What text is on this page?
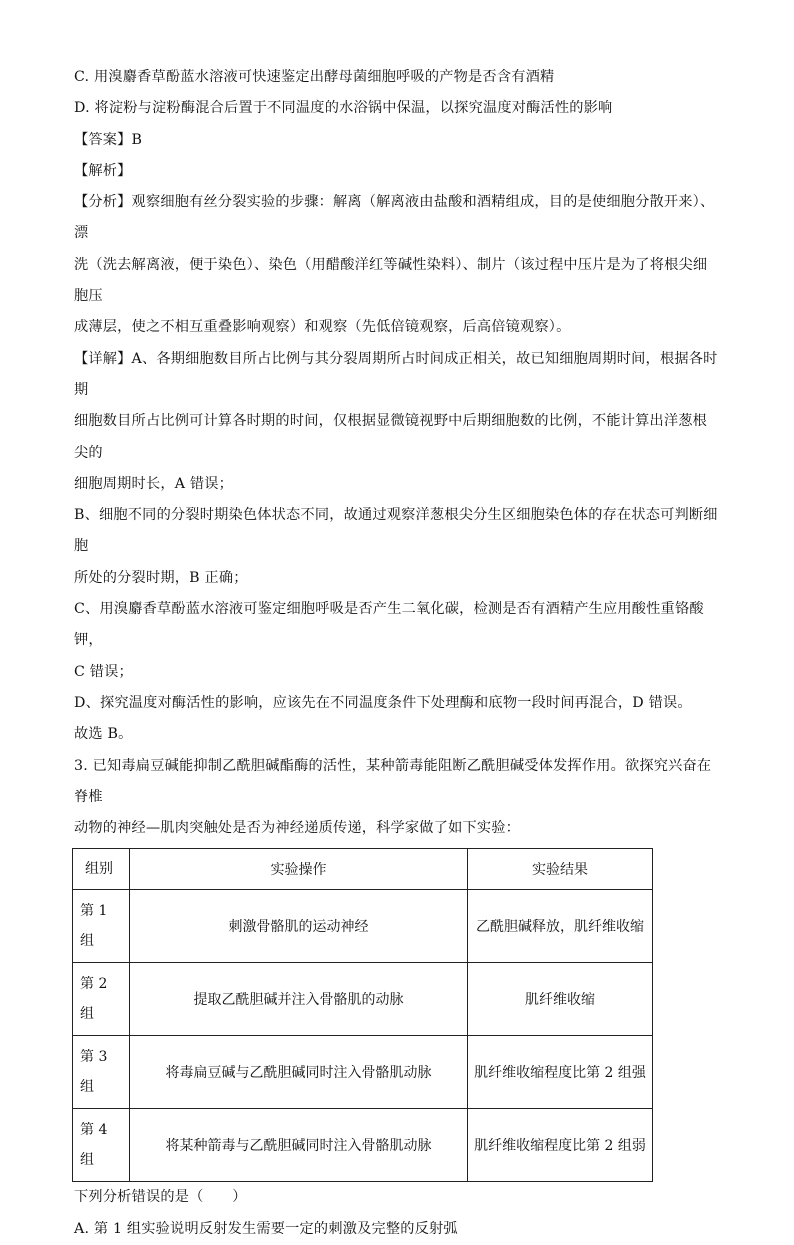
C. 用溴麝香草酚蓝水溶液可快速鉴定出酵母菌细胞呼吸的产物是否含有酒精

D. 将淀粉与淀粉酶混合后置于不同温度的水浴锅中保温，以探究温度对酶活性的影响

【答案】B

【解析】

【分析】观察细胞有丝分裂实验的步骤：解离（解离液由盐酸和酒精组成，目的是使细胞分散开来）、漂

洗（洗去解离液，便于染色）、染色（用醋酸洋红等碱性染料）、制片（该过程中压片是为了将根尖细胞压

成薄层，使之不相互重叠影响观察）和观察（先低倍镜观察，后高倍镜观察）。

【详解】A、各期细胞数目所占比例与其分裂周期所占时间成正相关，故已知细胞周期时间，根据各时期

细胞数目所占比例可计算各时期的时间，仅根据显微镜视野中后期细胞数的比例，不能计算出洋葱根尖的

细胞周期时长，A 错误；

B、细胞不同的分裂时期染色体状态不同，故通过观察洋葱根尖分生区细胞染色体的存在状态可判断细胞

所处的分裂时期，B 正确；

C、用溴麝香草酚蓝水溶液可鉴定细胞呼吸是否产生二氧化碳，检测是否有酒精产生应用酸性重铬酸钾，

C 错误；

D、探究温度对酶活性的影响，应该先在不同温度条件下处理酶和底物一段时间再混合，D 错误。

故选 B。

3. 已知毒扁豆碱能抑制乙酰胆碱酯酶的活性，某种箭毒能阻断乙酰胆碱受体发挥作用。欲探究兴奋在脊椎

动物的神经—肌肉突触处是否为神经递质传递，科学家做了如下实验：

组别	实验操作	实验结果
第 1
组	刺激骨骼肌的运动神经	乙酰胆碱释放，肌纤维收缩
第 2
组	提取乙酰胆碱并注入骨骼肌的动脉	肌纤维收缩
第 3
组	将毒扁豆碱与乙酰胆碱同时注入骨骼肌动脉	肌纤维收缩程度比第 2 组强
第 4
组	将某种箭毒与乙酰胆碱同时注入骨骼肌动脉	肌纤维收缩程度比第 2 组弱

下列分析错误的是（　　）

A. 第 1 组实验说明反射发生需要一定的刺激及完整的反射弧
